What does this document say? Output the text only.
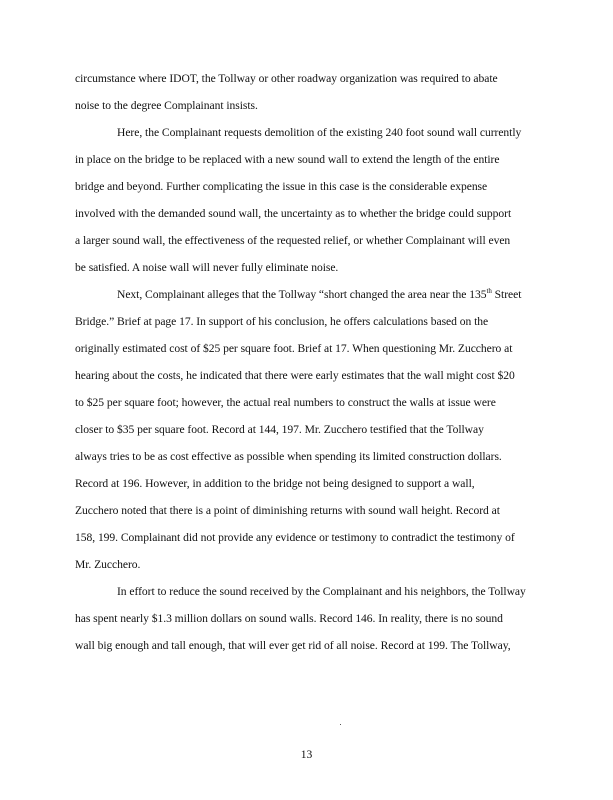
circumstance where IDOT, the Tollway or other roadway organization was required to abate
noise to the degree Complainant insists.
Here, the Complainant requests demolition of the existing 240 foot sound wall currently
in place on the bridge to be replaced with a new sound wall to extend the length of the entire
bridge and beyond. Further complicating the issue in this case is the considerable expense
involved with the demanded sound wall, the uncertainty as to whether the bridge could support
a larger sound wall, the effectiveness of the requested relief, or whether Complainant will even
be satisfied. A noise wall will never fully eliminate noise.
Next, Complainant alleges that the Tollway “short changed the area near the 135th Street
Bridge.” Brief at page 17. In support of his conclusion, he offers calculations based on the
originally estimated cost of $25 per square foot. Brief at 17. When questioning Mr. Zucchero at
hearing about the costs, he indicated that there were early estimates that the wall might cost $20
to $25 per square foot; however, the actual real numbers to construct the walls at issue were
closer to $35 per square foot. Record at 144, 197. Mr. Zucchero testified that the Tollway
always tries to be as cost effective as possible when spending its limited construction dollars.
Record at 196. However, in addition to the bridge not being designed to support a wall,
Zucchero noted that there is a point of diminishing returns with sound wall height. Record at
158, 199. Complainant did not provide any evidence or testimony to contradict the testimony of
Mr. Zucchero.
In effort to reduce the sound received by the Complainant and his neighbors, the Tollway
has spent nearly $1.3 million dollars on sound walls. Record 146. In reality, there is no sound
wall big enough and tall enough, that will ever get rid of all noise. Record at 199. The Tollway,
13
